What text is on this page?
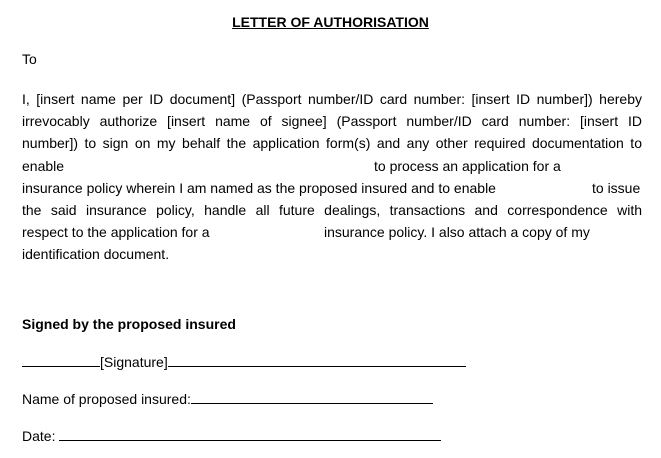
LETTER OF AUTHORISATION
To
I, [insert name per ID document] (Passport number/ID card number: [insert ID number]) hereby
irrevocably authorize [insert name of signee] (Passport number/ID card number: [insert ID
number]) to sign on my behalf the application form(s) and any other required documentation to
enable	to process an application for a
insurance policy wherein I am named as the proposed insured and to enable	to issue
the said insurance policy, handle all future dealings, transactions and correspondence with
respect to the application for a	insurance policy. I also attach a copy of my
identification document.
Signed by the proposed insured
[Signature]
Name of proposed insured:
Date:
